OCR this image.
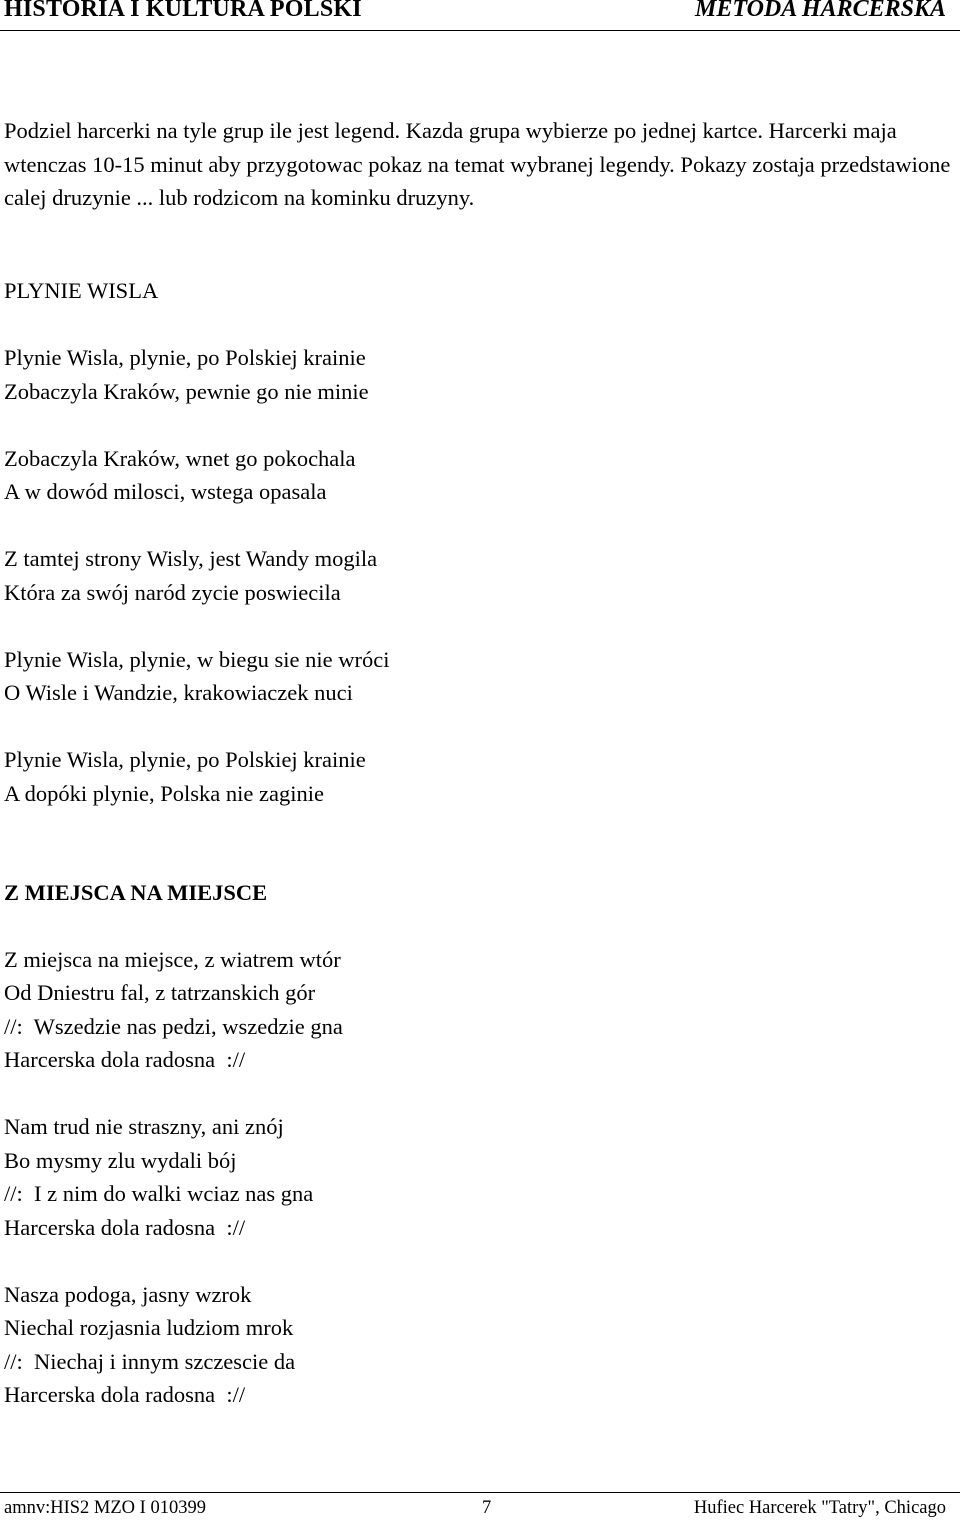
HISTORIA I KULTURA POLSKI	METODA HARCERSKA

Podziel harcerki na tyle grup ile jest legend. Kazda grupa wybierze po jednej kartce. Harcerki maja wtenczas 10-15 minut aby przygotowac pokaz na temat wybranej legendy. Pokazy zostaja przedstawione calej druzynie ... lub rodzicom na kominku druzyny.

PLYNIE WISLA
Plynie Wisla, plynie, po Polskiej krainie
Zobaczyla Kraków, pewnie go nie minie
Zobaczyla Kraków, wnet go pokochala
A w dowód milosci, wstega opasala
Z tamtej strony Wisly, jest Wandy mogila
Która za swój naród zycie poswiecila
Plynie Wisla, plynie, w biegu sie nie wróci
O Wisle i Wandzie, krakowiaczek nuci
Plynie Wisla, plynie, po Polskiej krainie
A dopóki plynie, Polska nie zaginie
Z MIEJSCA NA MIEJSCE
Z miejsca na miejsce, z wiatrem wtór
Od Dniestru fal, z tatrzanskich gór
//:  Wszedzie nas pedzi, wszedzie gna
Harcerska dola radosna  ://
Nam trud nie straszny, ani znój
Bo mysmy zlu wydali bój
//:  I z nim do walki wciaz nas gna
Harcerska dola radosna  ://
Nasza podoga, jasny wzrok
Niechal rozjasnia ludziom mrok
//:  Niechaj i innym szczescie da
Harcerska dola radosna  ://
amnv:HIS2 MZO I 010399	7	Hufiec Harcerek "Tatry", Chicago
